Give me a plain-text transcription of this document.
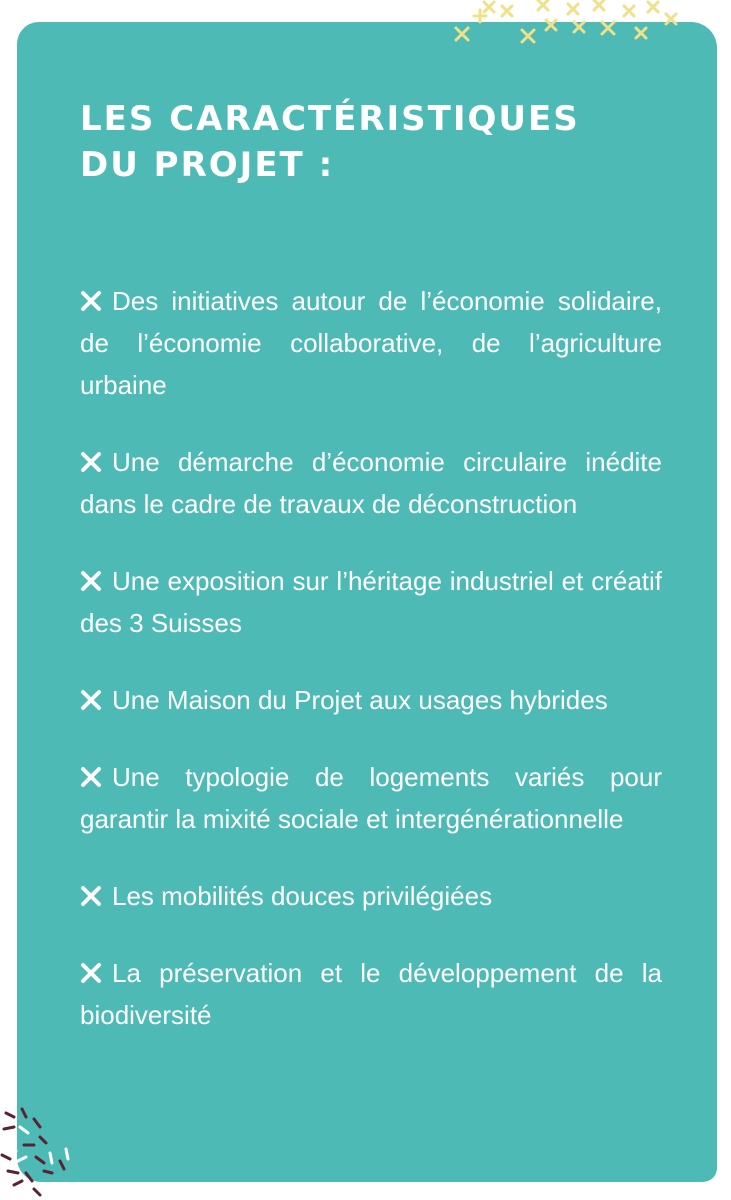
LES CARACTÉRISTIQUES
DU PROJET :
Des initiatives autour de l’économie solidaire, de l’économie collaborative, de l’agriculture urbaine
Une démarche d’économie circulaire inédite dans le cadre de travaux de déconstruction
Une exposition sur l’héritage industriel et créatif des 3 Suisses
Une Maison du Projet aux usages hybrides
Une typologie de logements variés pour garantir la mixité sociale et intergénérationnelle
Les mobilités douces privilégiées
La préservation et le développement de la biodiversité
